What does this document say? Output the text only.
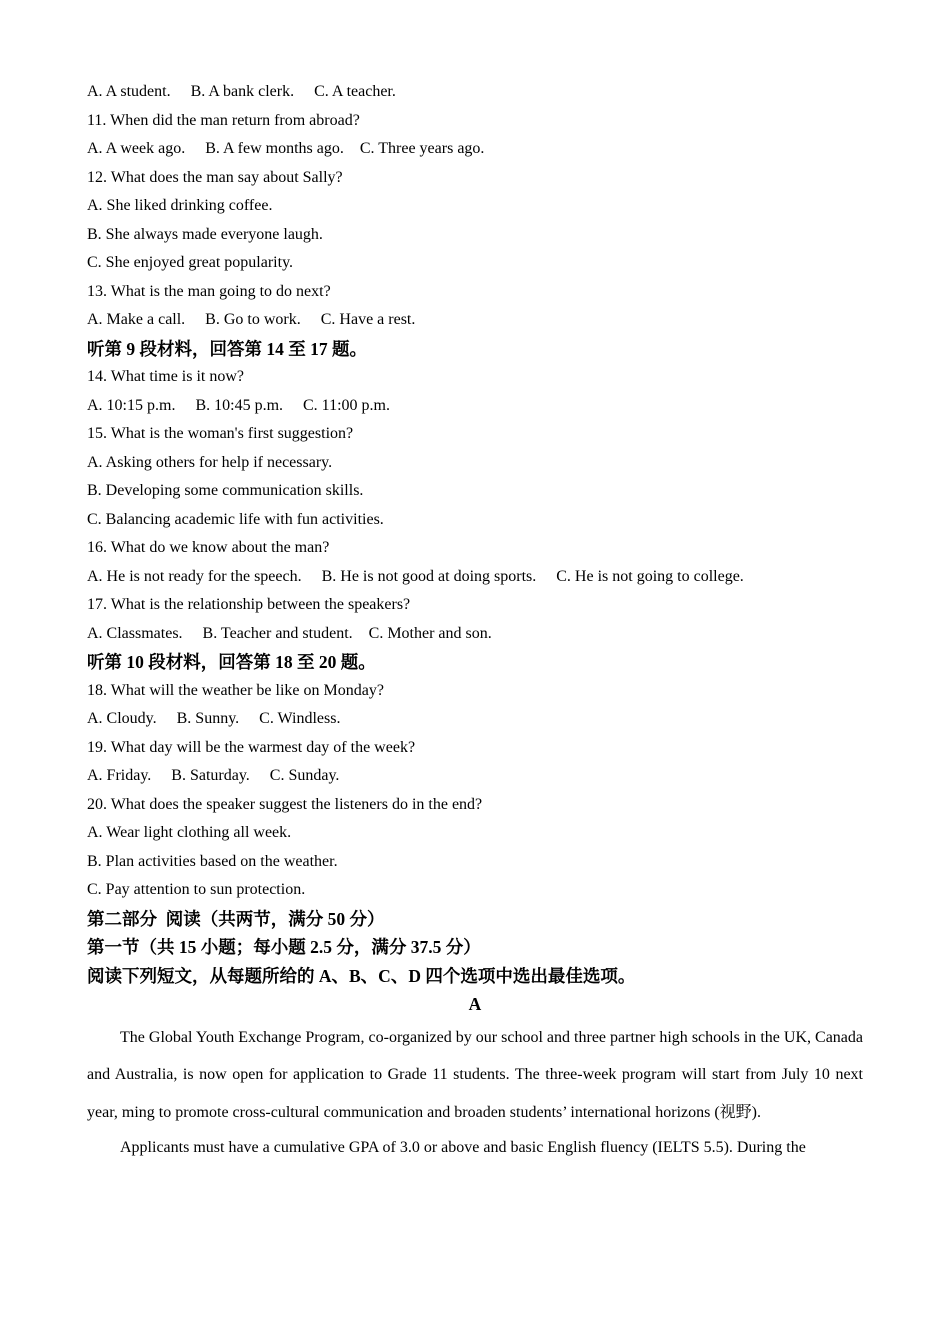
A. A student.     B. A bank clerk.     C. A teacher.
11. When did the man return from abroad?
A. A week ago.     B. A few months ago.    C. Three years ago.
12. What does the man say about Sally?
A. She liked drinking coffee.
B. She always made everyone laugh.
C. She enjoyed great popularity.
13. What is the man going to do next?
A. Make a call.     B. Go to work.     C. Have a rest.
听第 9 段材料，回答第 14 至 17 题。
14. What time is it now?
A. 10:15 p.m.     B. 10:45 p.m.     C. 11:00 p.m.
15. What is the woman's first suggestion?
A. Asking others for help if necessary.
B. Developing some communication skills.
C. Balancing academic life with fun activities.
16. What do we know about the man?
A. He is not ready for the speech.     B. He is not good at doing sports.     C. He is not going to college.
17. What is the relationship between the speakers?
A. Classmates.     B. Teacher and student.    C. Mother and son.
听第 10 段材料，回答第 18 至 20 题。
18. What will the weather be like on Monday?
A. Cloudy.     B. Sunny.     C. Windless.
19. What day will be the warmest day of the week?
A. Friday.     B. Saturday.     C. Sunday.
20. What does the speaker suggest the listeners do in the end?
A. Wear light clothing all week.
B. Plan activities based on the weather.
C. Pay attention to sun protection.
第二部分  阅读（共两节，满分 50 分）
第一节（共 15 小题；每小题 2.5 分，满分 37.5 分）
阅读下列短文，从每题所给的 A、B、C、D 四个选项中选出最佳选项。
A

The Global Youth Exchange Program, co-organized by our school and three partner high schools in the UK, Canada and Australia, is now open for application to Grade 11 students. The three-week program will start from July 10 next year, ming to promote cross-cultural communication and broaden students’ international horizons (视野).

Applicants must have a cumulative GPA of 3.0 or above and basic English fluency (IELTS 5.5). During the
